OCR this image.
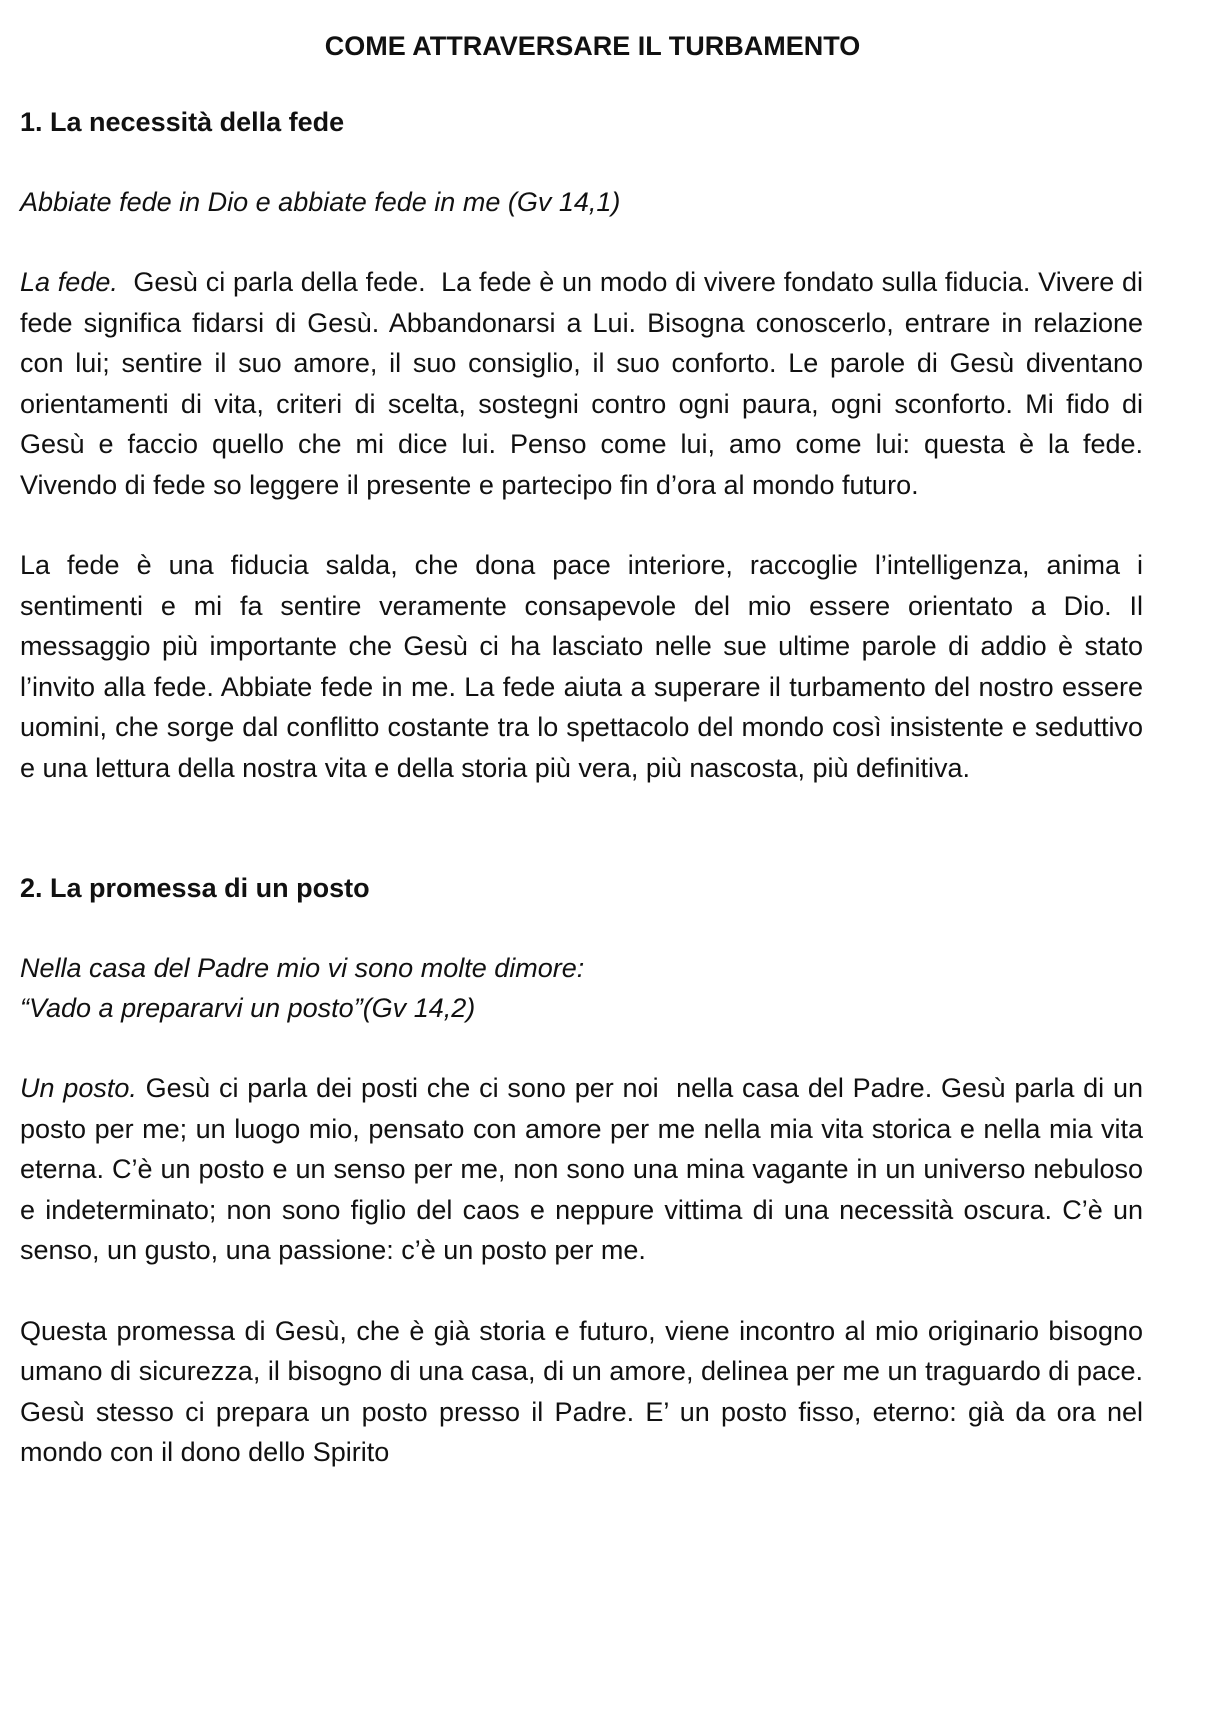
COME ATTRAVERSARE IL TURBAMENTO
1. La necessità della fede
Abbiate fede in Dio e abbiate fede in me (Gv 14,1)

La fede.  Gesù ci parla della fede.  La fede è un modo di vivere fondato sulla fiducia. Vivere di fede significa fidarsi di Gesù. Abbandonarsi a Lui. Bisogna conoscerlo, entrare in relazione con lui; sentire il suo amore, il suo consiglio, il suo conforto. Le parole di Gesù diventano orientamenti di vita, criteri di scelta, sostegni contro ogni paura, ogni sconforto. Mi fido di Gesù e faccio quello che mi dice lui. Penso come lui, amo come lui: questa è la fede.  Vivendo di fede so leggere il presente e partecipo fin d’ora al mondo futuro.

La fede è una fiducia salda, che dona pace interiore, raccoglie l’intelligenza, anima i sentimenti e mi fa sentire veramente consapevole del mio essere orientato a Dio. Il messaggio più importante che Gesù ci ha lasciato nelle sue ultime parole di addio è stato l’invito alla fede. Abbiate fede in me. La fede aiuta a superare il turbamento del nostro essere uomini, che sorge dal conflitto costante tra lo spettacolo del mondo così insistente e seduttivo e una lettura della nostra vita e della storia più vera, più nascosta, più definitiva.

2. La promessa di un posto
Nella casa del Padre mio vi sono molte dimore:
“Vado a prepararvi un posto”(Gv 14,2)

Un posto. Gesù ci parla dei posti che ci sono per noi  nella casa del Padre. Gesù parla di un posto per me; un luogo mio, pensato con amore per me nella mia vita storica e nella mia vita eterna. C’è un posto e un senso per me, non sono una mina vagante in un universo nebuloso e indeterminato; non sono figlio del caos e neppure vittima di una necessità oscura. C’è un senso, un gusto, una passione: c’è un posto per me.

Questa promessa di Gesù, che è già storia e futuro, viene incontro al mio originario bisogno umano di sicurezza, il bisogno di una casa, di un amore, delinea per me un traguardo di pace. Gesù stesso ci prepara un posto presso il Padre. E’ un posto fisso, eterno: già da ora nel mondo con il dono dello Spirito
